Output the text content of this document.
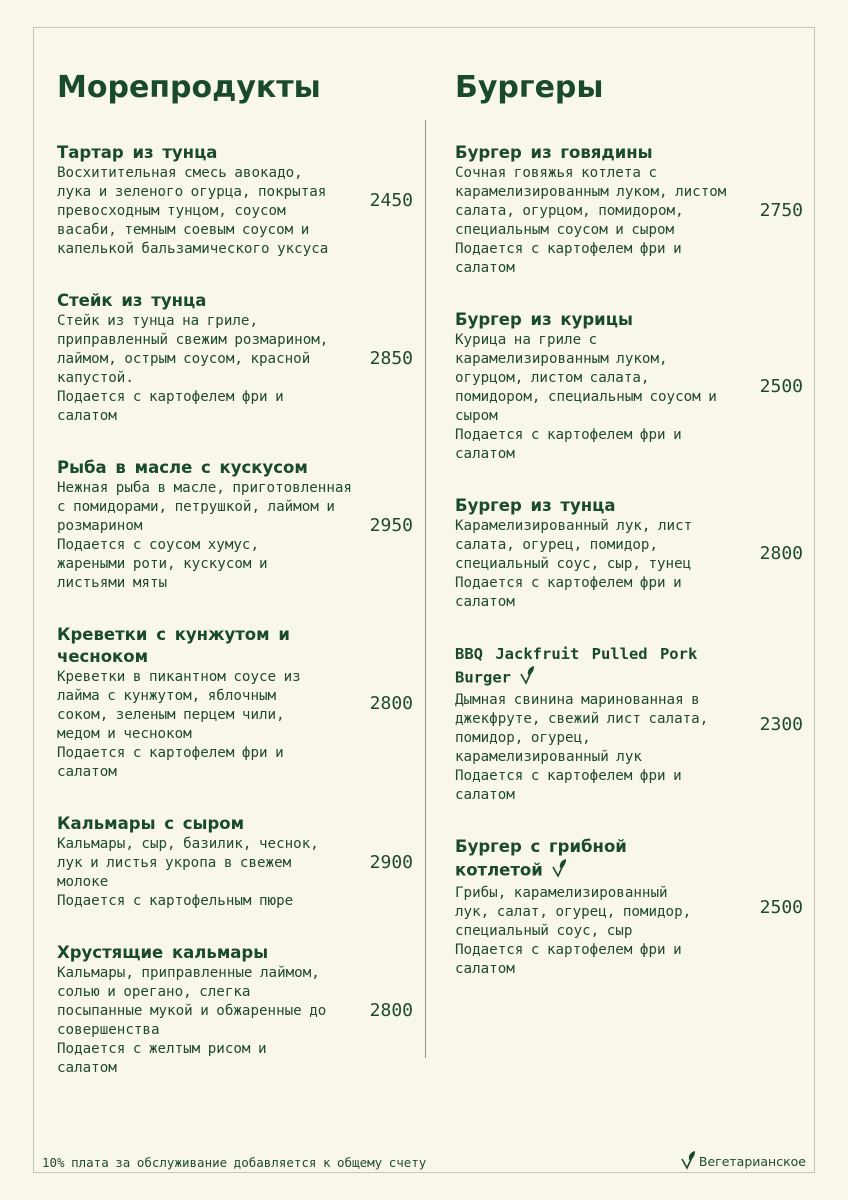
Морепродукты
Тартар из тунца
Восхитительная смесь авокадо, лука и зеленого огурца, покрытая превосходным тунцом, соусом васаби, темным соевым соусом и капелькой бальзамического уксуса
2450
Стейк из тунца
Стейк из тунца на гриле, приправленный свежим розмарином, лаймом, острым соусом, красной капустой.
Подается с картофелем фри и салатом
2850
Рыба в масле с кускусом
Нежная рыба в масле, приготовленная с помидорами, петрушкой, лаймом и розмарином
Подается с соусом хумус, жареными роти, кускусом и листьями мяты
2950
Креветки с кунжутом и чесноком
Креветки в пикантном соусе из лайма с кунжутом, яблочным соком, зеленым перцем чили, медом и чесноком
Подается с картофелем фри и салатом
2800
Кальмары с сыром
Кальмары, сыр, базилик, чеснок, лук и листья укропа в свежем молоке
Подается с картофельным пюре
2900
Хрустящие кальмары
Кальмары, приправленные лаймом, солью и орегано, слегка посыпанные мукой и обжаренные до совершенства
Подается с желтым рисом и салатом
2800
Бургеры
Бургер из говядины
Сочная говяжья котлета с карамелизированным луком, листом салата, огурцом, помидором, специальным соусом и сыром
Подается с картофелем фри и салатом
2750
Бургер из курицы
Курица на гриле с карамелизированным луком, огурцом, листом салата, помидором, специальным соусом и сыром
Подается с картофелем фри и салатом
2500
Бургер из тунца
Карамелизированный лук, лист салата, огурец, помидор, специальный соус, сыр, тунец
Подается с картофелем фри и салатом
2800
BBQ Jackfruit Pulled Pork Burger
Дымная свинина маринованная в джекфруте, свежий лист салата, помидор, огурец, карамелизированный лук
Подается с картофелем фри и салатом
2300
Бургер с грибной котлетой
Грибы, карамелизированный лук, салат, огурец, помидор, специальный соус, сыр
Подается с картофелем фри и салатом
2500
10% плата за обслуживание добавляется к общему счету	Вегетарианское
